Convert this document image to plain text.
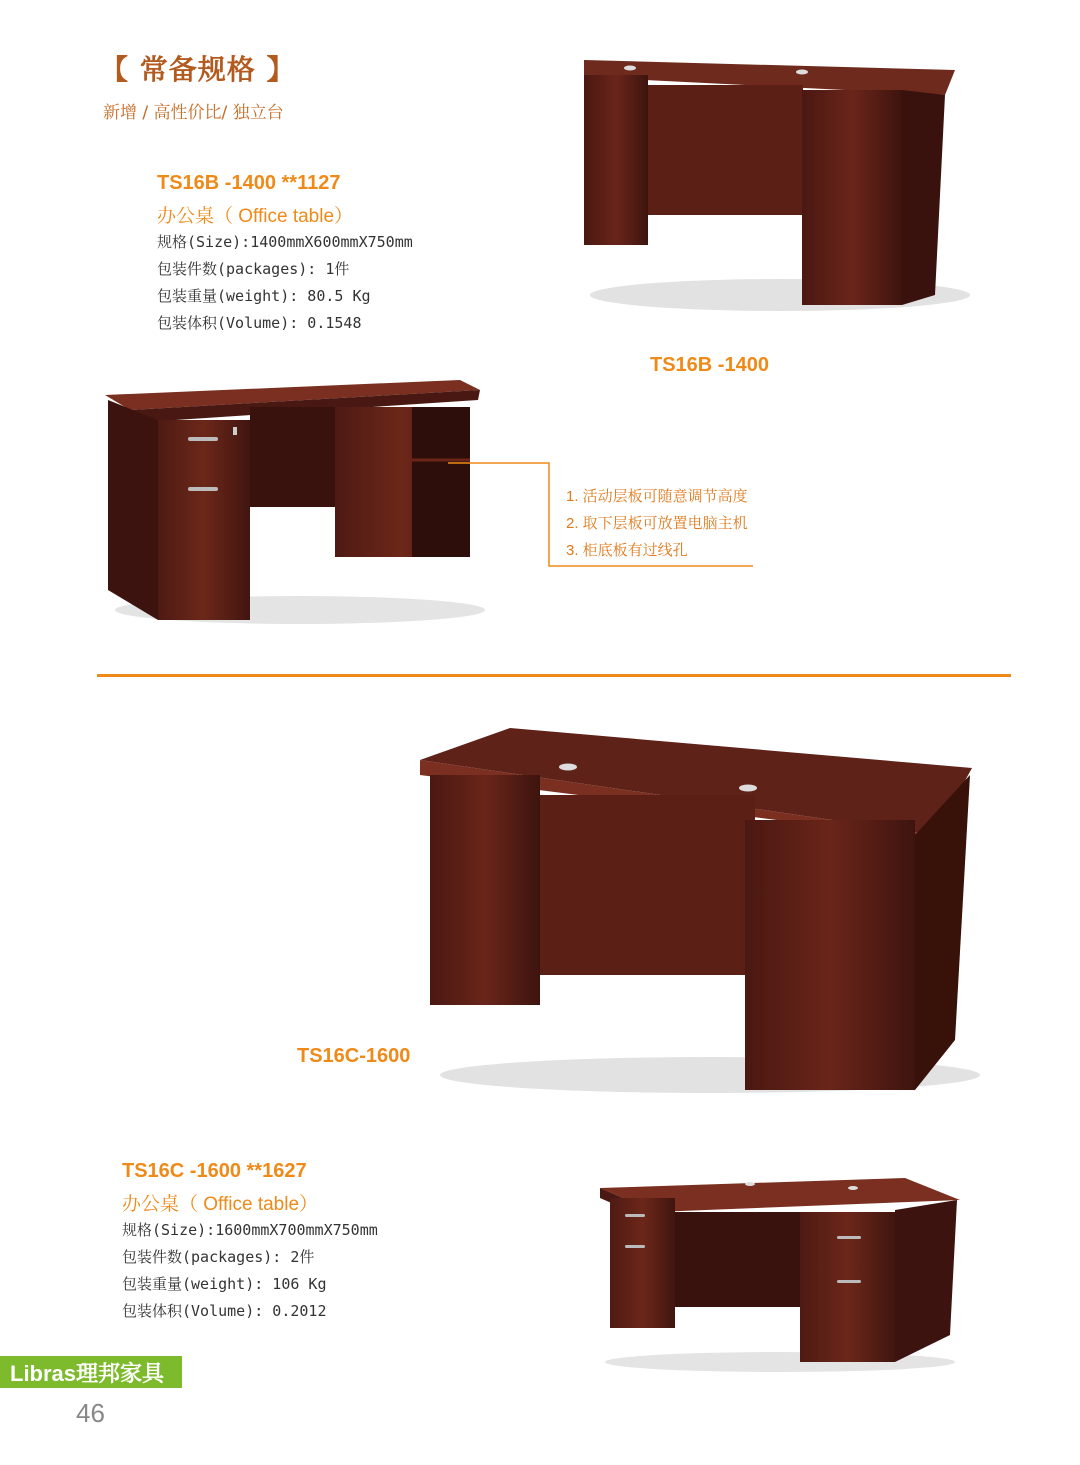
【 常备规格 】
新增 / 高性价比/ 独立台
TS16B -1400 **1127
办公桌（ Office table）
规格(Size):1400mmX600mmX750mm
包装件数(packages): 1件
包装重量(weight): 80.5 Kg
包装体积(Volume): 0.1548
TS16B -1400
1. 活动层板可随意调节高度
2. 取下层板可放置电脑主机
3. 柜底板有过线孔
TS16C-1600
TS16C -1600 **1627
办公桌（ Office table）
规格(Size):1600mmX700mmX750mm
包装件数(packages): 2件
包装重量(weight): 106 Kg
包装体积(Volume): 0.2012
Libras理邦家具
46
